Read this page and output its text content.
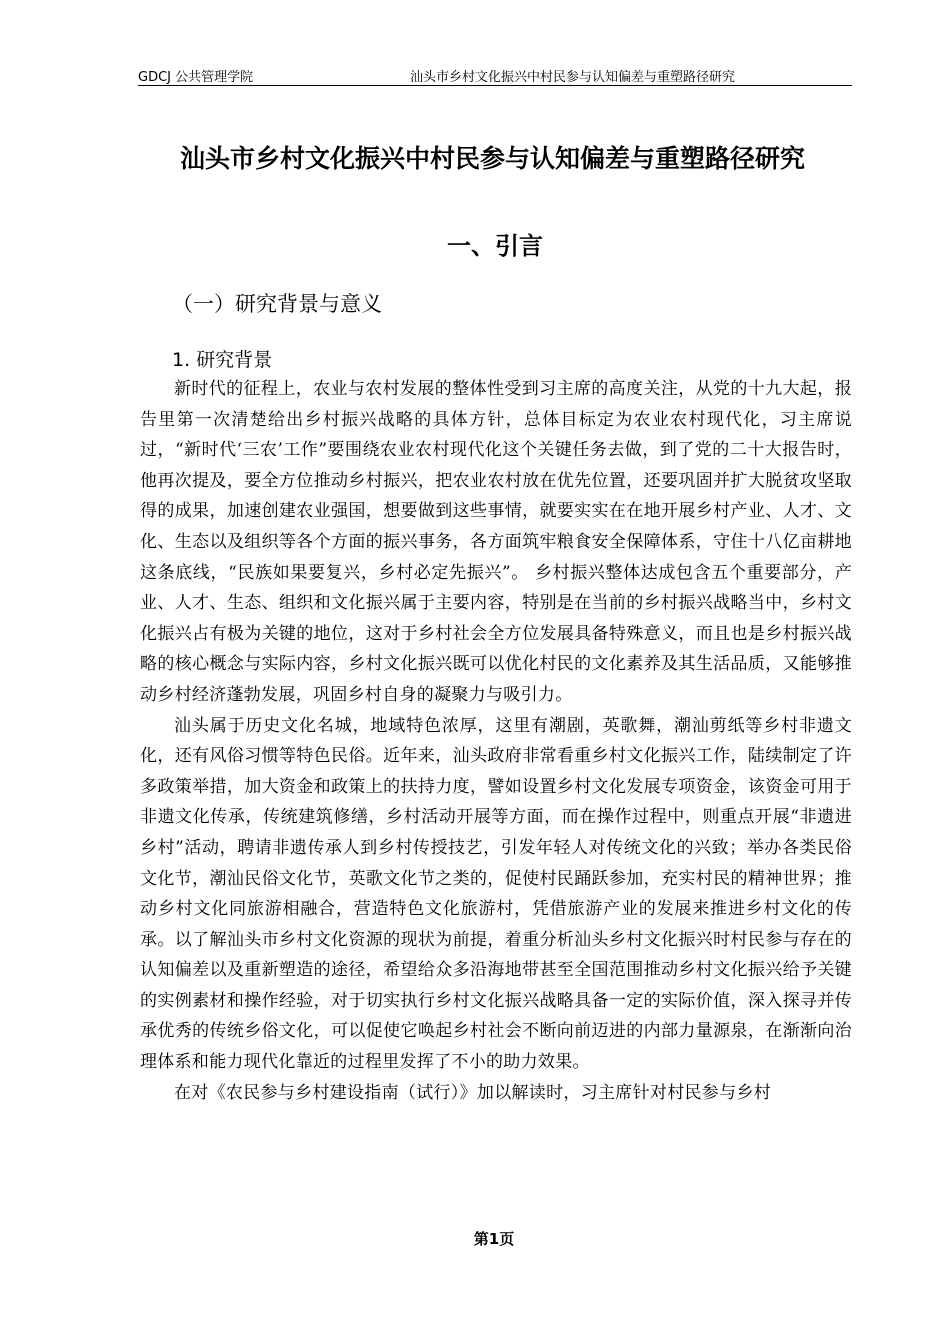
GDCJ 公共管理学院	汕头市乡村文化振兴中村民参与认知偏差与重塑路径研究
汕头市乡村文化振兴中村民参与认知偏差与重塑路径研究
一、引言
（一）研究背景与意义
1. 研究背景

新时代的征程上，农业与农村发展的整体性受到习主席的高度关注，从党的十九大起，报告里第一次清楚给出乡村振兴战略的具体方针，总体目标定为农业农村现代化，习主席说过，“新时代‘三农’工作”要围绕农业农村现代化这个关键任务去做，到了党的二十大报告时，他再次提及，要全方位推动乡村振兴，把农业农村放在优先位置，还要巩固并扩大脱贫攻坚取得的成果，加速创建农业强国，想要做到这些事情，就要实实在在地开展乡村产业、人才、文化、生态以及组织等各个方面的振兴事务，各方面筑牢粮食安全保障体系，守住十八亿亩耕地这条底线，“民族如果要复兴，乡村必定先振兴”。 乡村振兴整体达成包含五个重要部分，产业、人才、生态、组织和文化振兴属于主要内容，特别是在当前的乡村振兴战略当中，乡村文化振兴占有极为关键的地位，这对于乡村社会全方位发展具备特殊意义，而且也是乡村振兴战略的核心概念与实际内容，乡村文化振兴既可以优化村民的文化素养及其生活品质，又能够推动乡村经济蓬勃发展，巩固乡村自身的凝聚力与吸引力。

汕头属于历史文化名城，地域特色浓厚，这里有潮剧，英歌舞，潮汕剪纸等乡村非遗文化，还有风俗习惯等特色民俗。近年来，汕头政府非常看重乡村文化振兴工作，陆续制定了许多政策举措，加大资金和政策上的扶持力度，譬如设置乡村文化发展专项资金，该资金可用于非遗文化传承，传统建筑修缮，乡村活动开展等方面，而在操作过程中，则重点开展“非遗进乡村”活动，聘请非遗传承人到乡村传授技艺，引发年轻人对传统文化的兴致；举办各类民俗文化节，潮汕民俗文化节，英歌文化节之类的，促使村民踊跃参加，充实村民的精神世界；推动乡村文化同旅游相融合，营造特色文化旅游村，凭借旅游产业的发展来推进乡村文化的传承。以了解汕头市乡村文化资源的现状为前提，着重分析汕头乡村文化振兴时村民参与存在的认知偏差以及重新塑造的途径，希望给众多沿海地带甚至全国范围推动乡村文化振兴给予关键的实例素材和操作经验，对于切实执行乡村文化振兴战略具备一定的实际价值，深入探寻并传承优秀的传统乡俗文化，可以促使它唤起乡村社会不断向前迈进的内部力量源泉，在渐渐向治理体系和能力现代化靠近的过程里发挥了不小的助力效果。

在对《农民参与乡村建设指南（试行）》加以解读时，习主席针对村民参与乡村

第1页
